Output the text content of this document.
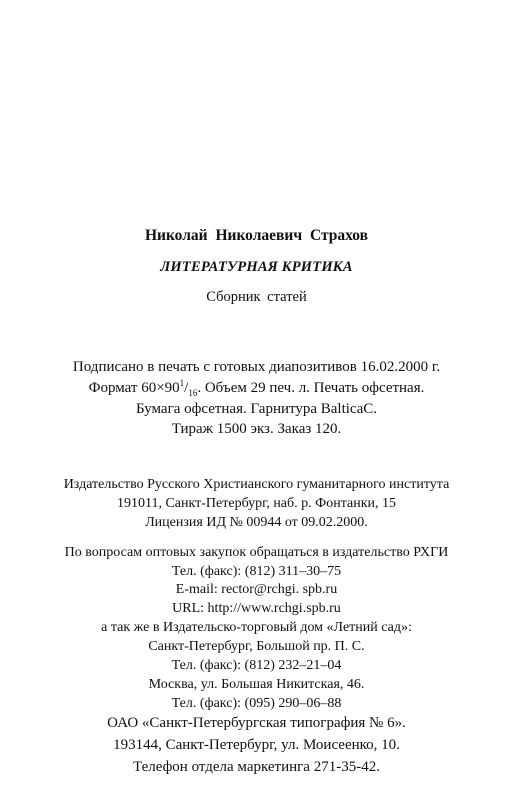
Николай Николаевич Страхов
ЛИТЕРАТУРНАЯ КРИТИКА
Сборник статей
Подписано в печать с готовых диапозитивов 16.02.2000 г.
Формат $60\times 90^1/_{16}$. Объем 29 печ. л. Печать офсетная.
Бумага офсетная. Гарнитура BalticaC.
Тираж 1500 экз. Заказ 120.
Издательство Русского Христианского гуманитарного института
191011, Санкт-Петербург, наб. р. Фонтанки, 15
Лицензия ИД № 00944 от 09.02.2000.
По вопросам оптовых закупок обращаться в издательство РХГИ
Тел. (факс): (812) 311–30–75
E-mail: rector@rchgi. spb.ru
URL: http://www.rchgi.spb.ru
а так же в Издательско-торговый дом «Летний сад»:
Санкт-Петербург, Большой пр. П. С.
Тел. (факс): (812) 232–21–04
Москва, ул. Большая Никитская, 46.
Тел. (факс): (095) 290–06–88
ОАО «Санкт-Петербургская типография № 6».
193144, Санкт-Петербург, ул. Моисеенко, 10.
Телефон отдела маркетинга 271-35-42.
